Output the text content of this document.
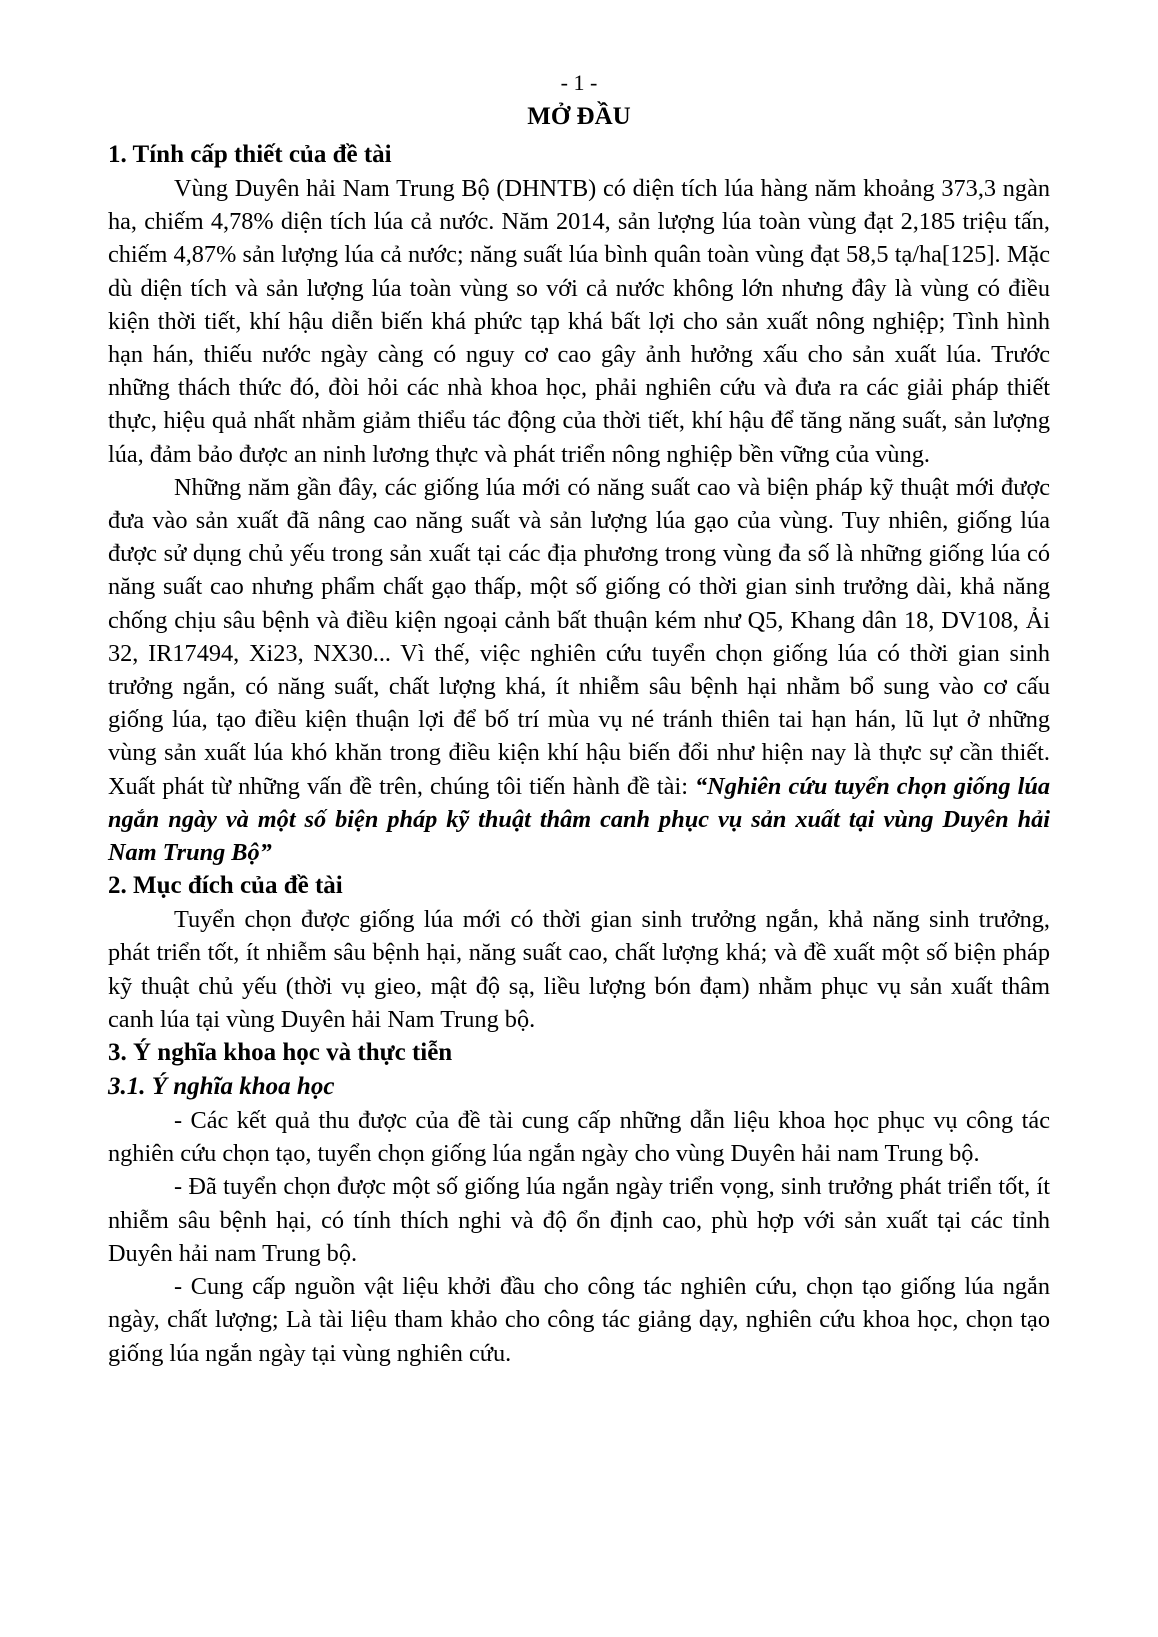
- 1 -
MỞ ĐẦU
1. Tính cấp thiết của đề tài

Vùng Duyên hải Nam Trung Bộ (DHNTB) có diện tích lúa hàng năm khoảng 373,3 ngàn ha, chiếm 4,78% diện tích lúa cả nước. Năm 2014, sản lượng lúa toàn vùng đạt 2,185 triệu tấn, chiếm 4,87% sản lượng lúa cả nước; năng suất lúa bình quân toàn vùng đạt 58,5 tạ/ha[125]. Mặc dù diện tích và sản lượng lúa toàn vùng so với cả nước không lớn nhưng đây là vùng có điều kiện thời tiết, khí hậu diễn biến khá phức tạp khá bất lợi cho sản xuất nông nghiệp; Tình hình hạn hán, thiếu nước ngày càng có nguy cơ cao gây ảnh hưởng xấu cho sản xuất lúa. Trước những thách thức đó, đòi hỏi các nhà khoa học, phải nghiên cứu và đưa ra các giải pháp thiết thực, hiệu quả nhất nhằm giảm thiểu tác động của thời tiết, khí hậu để tăng năng suất, sản lượng lúa, đảm bảo được an ninh lương thực và phát triển nông nghiệp bền vững của vùng.

Những năm gần đây, các giống lúa mới có năng suất cao và biện pháp kỹ thuật mới được đưa vào sản xuất đã nâng cao năng suất và sản lượng lúa gạo của vùng. Tuy nhiên, giống lúa được sử dụng chủ yếu trong sản xuất tại các địa phương trong vùng đa số là những giống lúa có năng suất cao nhưng phẩm chất gạo thấp, một số giống có thời gian sinh trưởng dài, khả năng chống chịu sâu bệnh và điều kiện ngoại cảnh bất thuận kém như Q5, Khang dân 18, DV108, Ải 32, IR17494, Xi23, NX30... Vì thế, việc nghiên cứu tuyển chọn giống lúa có thời gian sinh trưởng ngắn, có năng suất, chất lượng khá, ít nhiễm sâu bệnh hại nhằm bổ sung vào cơ cấu giống lúa, tạo điều kiện thuận lợi để bố trí mùa vụ né tránh thiên tai hạn hán, lũ lụt ở những vùng sản xuất lúa khó khăn trong điều kiện khí hậu biến đổi như hiện nay là thực sự cần thiết. Xuất phát từ những vấn đề trên, chúng tôi tiến hành đề tài: “Nghiên cứu tuyển chọn giống lúa ngắn ngày và một số biện pháp kỹ thuật thâm canh phục vụ sản xuất tại vùng Duyên hải Nam Trung Bộ”

2. Mục đích của đề tài

Tuyển chọn được giống lúa mới có thời gian sinh trưởng ngắn, khả năng sinh trưởng, phát triển tốt, ít nhiễm sâu bệnh hại, năng suất cao, chất lượng khá; và đề xuất một số biện pháp kỹ thuật chủ yếu (thời vụ gieo, mật độ sạ, liều lượng bón đạm) nhằm phục vụ sản xuất thâm canh lúa tại vùng Duyên hải Nam Trung bộ.

3. Ý nghĩa khoa học và thực tiễn
3.1. Ý nghĩa khoa học

- Các kết quả thu được của đề tài cung cấp những dẫn liệu khoa học phục vụ công tác nghiên cứu chọn tạo, tuyển chọn giống lúa ngắn ngày cho vùng Duyên hải nam Trung bộ.

- Đã tuyển chọn được một số giống lúa ngắn ngày triển vọng, sinh trưởng phát triển tốt, ít nhiễm sâu bệnh hại, có tính thích nghi và độ ổn định cao, phù hợp với sản xuất tại các tỉnh Duyên hải nam Trung bộ.

- Cung cấp nguồn vật liệu khởi đầu cho công tác nghiên cứu, chọn tạo giống lúa ngắn ngày, chất lượng; Là tài liệu tham khảo cho công tác giảng dạy, nghiên cứu khoa học, chọn tạo giống lúa ngắn ngày tại vùng nghiên cứu.
